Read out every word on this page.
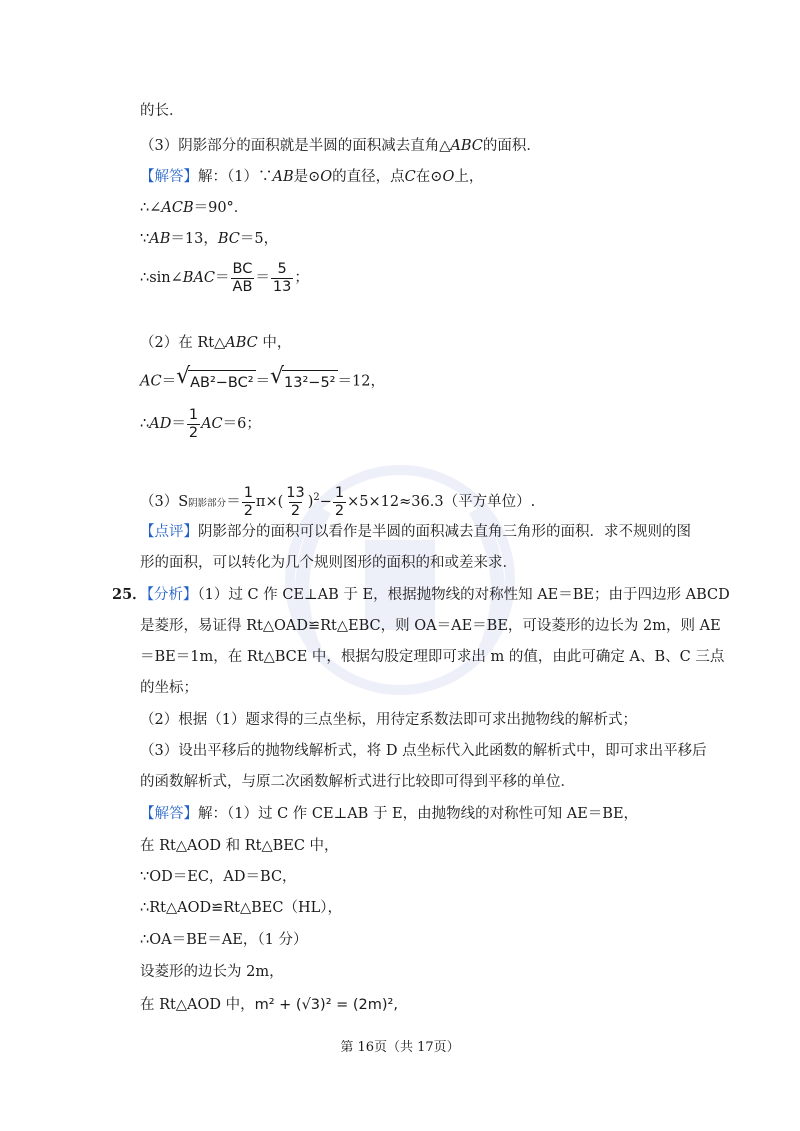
的长．
（3）阴影部分的面积就是半圆的面积减去直角△ABC的面积．
【解答】解：（1）∵AB是⊙O的直径，点C在⊙O上，
∴∠ACB＝90°．
∵AB＝13，BC＝5，
∴sin∠BAC＝ $\frac{BC}{AB} = \frac{5}{13}$ ；
（2）在 Rt△ABC 中，
AC＝ √ AB²−BC² ＝ √ 13²−5² ＝12，
∴AD＝ $\frac{1}{2} AC=6$；
（3）S阴影部分＝ $\frac{1}{2} \pi\times( \frac{13}{2} )^2- \frac{1}{2} \times 5\times 12\approx 36.3$（平方单位）.
【点评】阴影部分的面积可以看作是半圆的面积减去直角三角形的面积．求不规则的图
形的面积，可以转化为几个规则图形的面积的和或差来求．
25．【分析】（1）过 C 作 CE⊥AB 于 E，根据抛物线的对称性知 AE＝BE；由于四边形 ABCD
是菱形，易证得 Rt△OAD≌Rt△EBC，则 OA＝AE＝BE，可设菱形的边长为 2m，则 AE
＝BE＝1m，在 Rt△BCE 中，根据勾股定理即可求出 m 的值，由此可确定 A、B、C 三点
的坐标；
（2）根据（1）题求得的三点坐标，用待定系数法即可求出抛物线的解析式；
（3）设出平移后的抛物线解析式，将 D 点坐标代入此函数的解析式中，即可求出平移后
的函数解析式，与原二次函数解析式进行比较即可得到平移的单位．
【解答】解：（1）过 C 作 CE⊥AB 于 E，由抛物线的对称性可知 AE＝BE，
在 Rt△AOD 和 Rt△BEC 中，
∵OD＝EC，AD＝BC，
∴Rt△AOD≌Rt△BEC（HL），
∴OA＝BE＝AE，（1 分）
设菱形的边长为 2m，
在 Rt△AOD 中，m² + (√3)² = (2m)²,
第 16页（共 17页）
